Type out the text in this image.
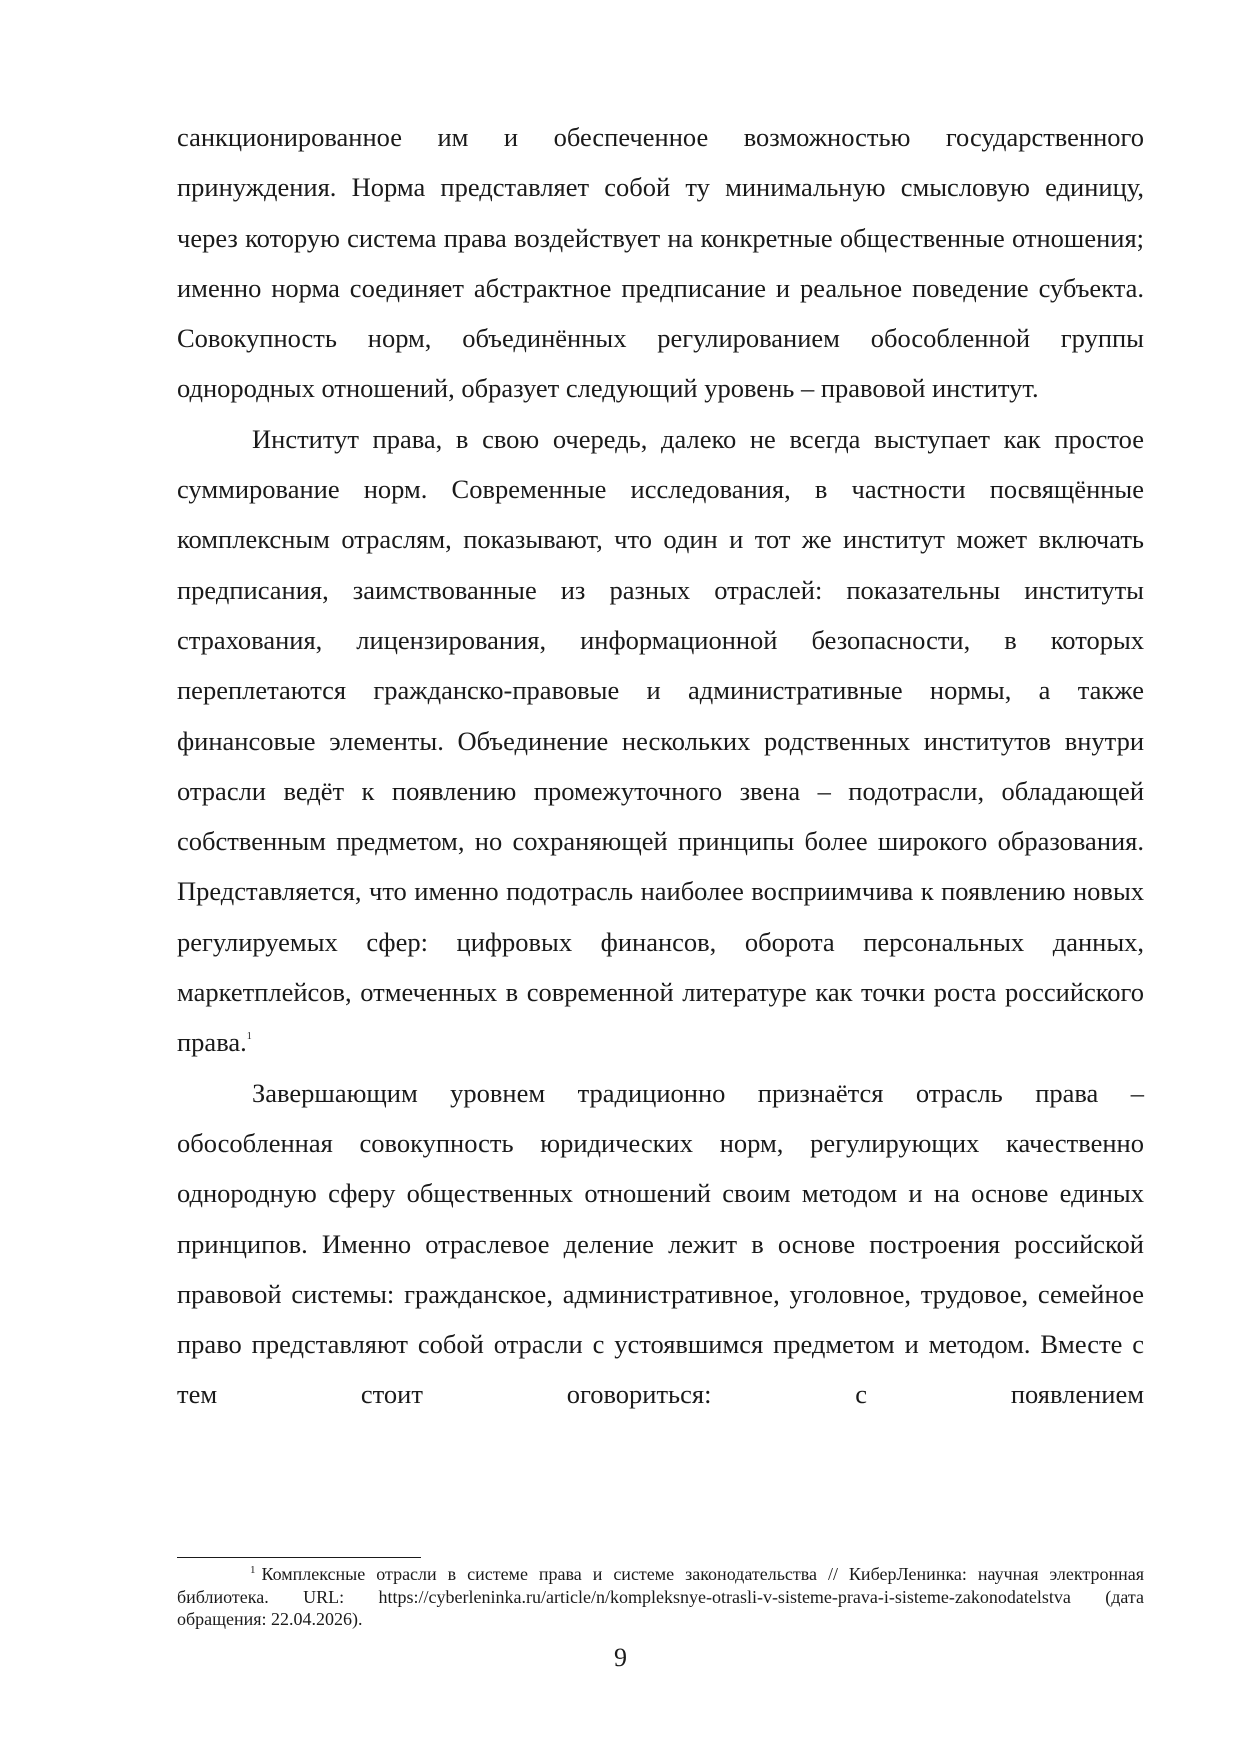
санкционированное им и обеспеченное возможностью государственного принуждения. Норма представляет собой ту минимальную смысловую единицу, через которую система права воздействует на конкретные общественные отношения; именно норма соединяет абстрактное предписание и реальное поведение субъекта. Совокупность норм, объединённых регулированием обособленной группы однородных отношений, образует следующий уровень – правовой институт.

Институт права, в свою очередь, далеко не всегда выступает как простое суммирование норм. Современные исследования, в частности посвящённые комплексным отраслям, показывают, что один и тот же институт может включать предписания, заимствованные из разных отраслей: показательны институты страхования, лицензирования, информационной безопасности, в которых переплетаются гражданско-правовые и административные нормы, а также финансовые элементы. Объединение нескольких родственных институтов внутри отрасли ведёт к появлению промежуточного звена – подотрасли, обладающей собственным предметом, но сохраняющей принципы более широкого образования. Представляется, что именно подотрасль наиболее восприимчива к появлению новых регулируемых сфер: цифровых финансов, оборота персональных данных, маркетплейсов, отмеченных в современной литературе как точки роста российского права.$^1$

Завершающим уровнем традиционно признаётся отрасль права – обособленная совокупность юридических норм, регулирующих качественно однородную сферу общественных отношений своим методом и на основе единых принципов. Именно отраслевое деление лежит в основе построения российской правовой системы: гражданское, административное, уголовное, трудовое, семейное право представляют собой отрасли с устоявшимся предметом и методом. Вместе с тем стоит оговориться: с появлением

$^1$ Комплексные отрасли в системе права и системе законодательства // КиберЛенинка: научная электронная библиотека. URL: https://cyberleninka.ru/article/n/kompleksnye-otrasli-v-sisteme-prava-i-sisteme-zakonodatelstva (дата обращения: 22.04.2026).
9
